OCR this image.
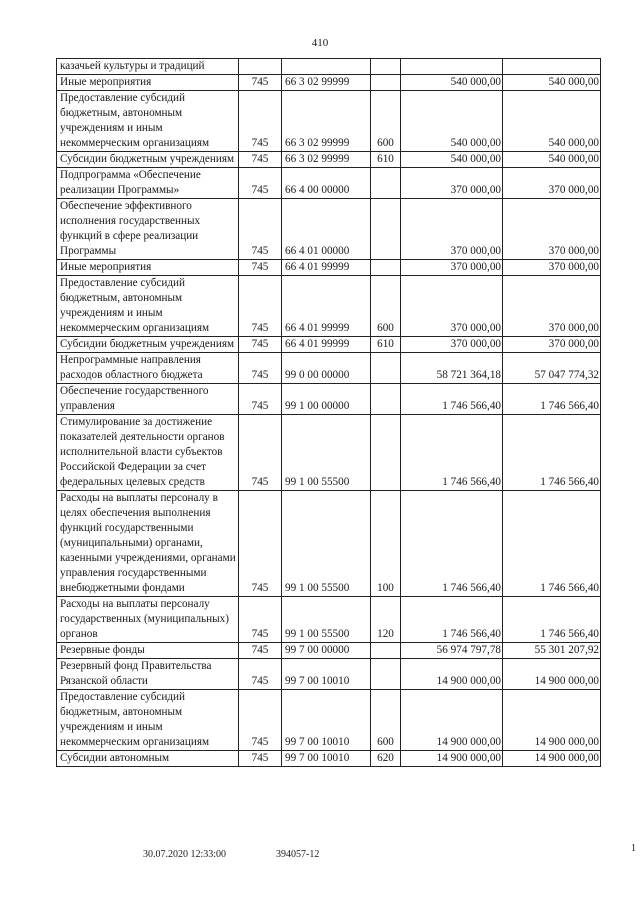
410
казачьей культуры и традиций					
Иные мероприятия	745	66 3 02 99999		540 000,00	540 000,00
Предоставление субсидий бюджетным, автономным учреждениям и иным некоммерческим организациям	745	66 3 02 99999	600	540 000,00	540 000,00
Субсидии бюджетным учреждениям	745	66 3 02 99999	610	540 000,00	540 000,00
Подпрограмма «Обеспечение реализации Программы»	745	66 4 00 00000		370 000,00	370 000,00
Обеспечение эффективного исполнения государственных функций в сфере реализации Программы	745	66 4 01 00000		370 000,00	370 000,00
Иные мероприятия	745	66 4 01 99999		370 000,00	370 000,00
Предоставление субсидий бюджетным, автономным учреждениям и иным некоммерческим организациям	745	66 4 01 99999	600	370 000,00	370 000,00
Субсидии бюджетным учреждениям	745	66 4 01 99999	610	370 000,00	370 000,00
Непрограммные направления расходов областного бюджета	745	99 0 00 00000		58 721 364,18	57 047 774,32
Обеспечение государственного управления	745	99 1 00 00000		1 746 566,40	1 746 566,40
Стимулирование за достижение показателей деятельности органов исполнительной власти субъектов Российской Федерации за счет федеральных целевых средств	745	99 1 00 55500		1 746 566,40	1 746 566,40
Расходы на выплаты персоналу в целях обеспечения выполнения функций государственными (муниципальными) органами, казенными учреждениями, органами управления государственными внебюджетными фондами	745	99 1 00 55500	100	1 746 566,40	1 746 566,40
Расходы на выплаты персоналу государственных (муниципальных) органов	745	99 1 00 55500	120	1 746 566,40	1 746 566,40
Резервные фонды	745	99 7 00 00000		56 974 797,78	55 301 207,92
Резервный фонд Правительства Рязанской области	745	99 7 00 10010		14 900 000,00	14 900 000,00
Предоставление субсидий бюджетным, автономным учреждениям и иным некоммерческим организациям	745	99 7 00 10010	600	14 900 000,00	14 900 000,00
Субсидии автономным	745	99 7 00 10010	620	14 900 000,00	14 900 000,00
30.07.2020 12:33:00	394057-12
1
